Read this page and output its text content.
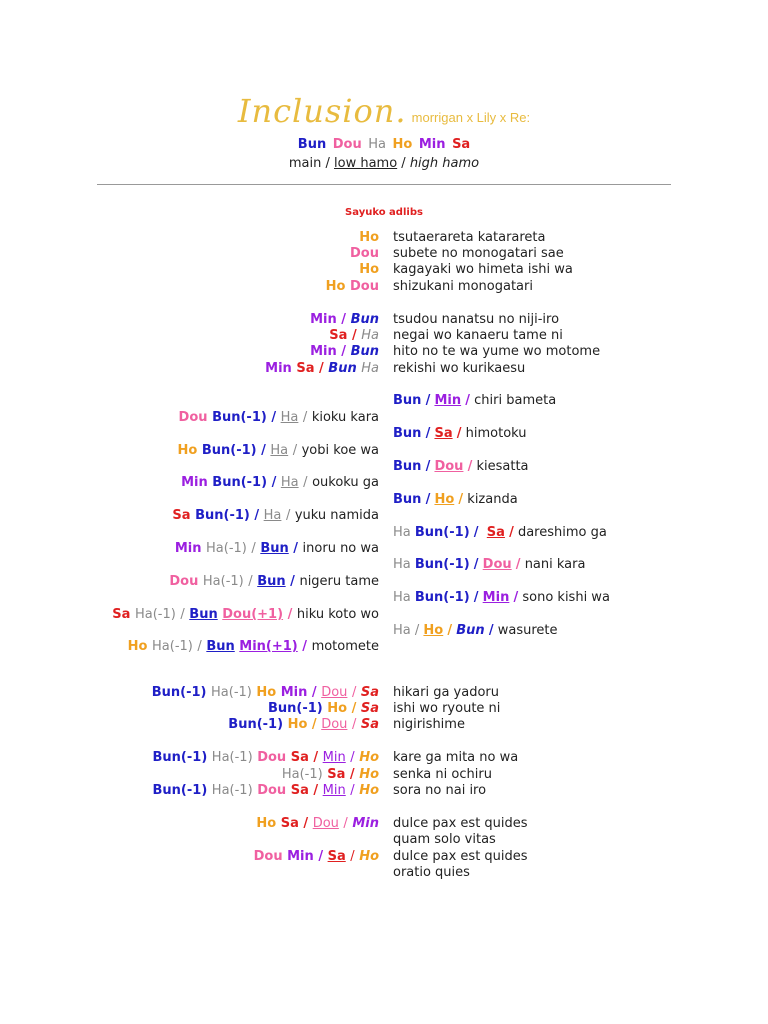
Inclusion. morrigan x Lily x Re:
Bun Dou Ha Ho Min Sa
main / low hamo / high hamo
Sayuko adlibs
Ho tsutaerareta katarareta
Dou subete no monogatari sae
Ho kagayaki wo himeta ishi wa
Ho Dou shizukani monogatari
Min / Bun tsudou nanatsu no niji-iro
Sa / Ha negai wo kanaeru tame ni
Min / Bun hito no te wa yume wo motome
Min Sa / Bun Ha rekishi wo kurikaesu
Bun / Min / chiri bameta
Bun / Sa / himotoku
Bun / Dou / kiesatta
Bun / Ho / kizanda
Ha Bun(-1) / Sa / dareshimo ga
Ha Bun(-1) / Dou / nani kara
Ha Bun(-1) / Min / sono kishi wa
Ha / Ho / Bun / wasurete
Dou Bun(-1) / Ha / kioku kara
Ho Bun(-1) / Ha / yobi koe wa
Min Bun(-1) / Ha / oukoku ga
Sa Bun(-1) / Ha / yuku namida
Min Ha(-1) / Bun / inoru no wa
Dou Ha(-1) / Bun / nigeru tame
Sa Ha(-1) / Bun Dou(+1) / hiku koto wo
Ho Ha(-1) / Bun Min(+1) / motomete
Bun(-1) Ha(-1) Ho Min / Dou / Sa hikari ga yadoru
Bun(-1) Ho / Sa ishi wo ryoute ni
Bun(-1) Ho / Dou / Sa nigirishime
Bun(-1) Ha(-1) Dou Sa / Min / Ho kare ga mita no wa
Ha(-1) Sa / Ho senka ni ochiru
Bun(-1) Ha(-1) Dou Sa / Min / Ho sora no nai iro
Ho Sa / Dou / Min dulce pax est quides
quam solo vitas
Dou Min / Sa / Ho dulce pax est quides
oratio quies
